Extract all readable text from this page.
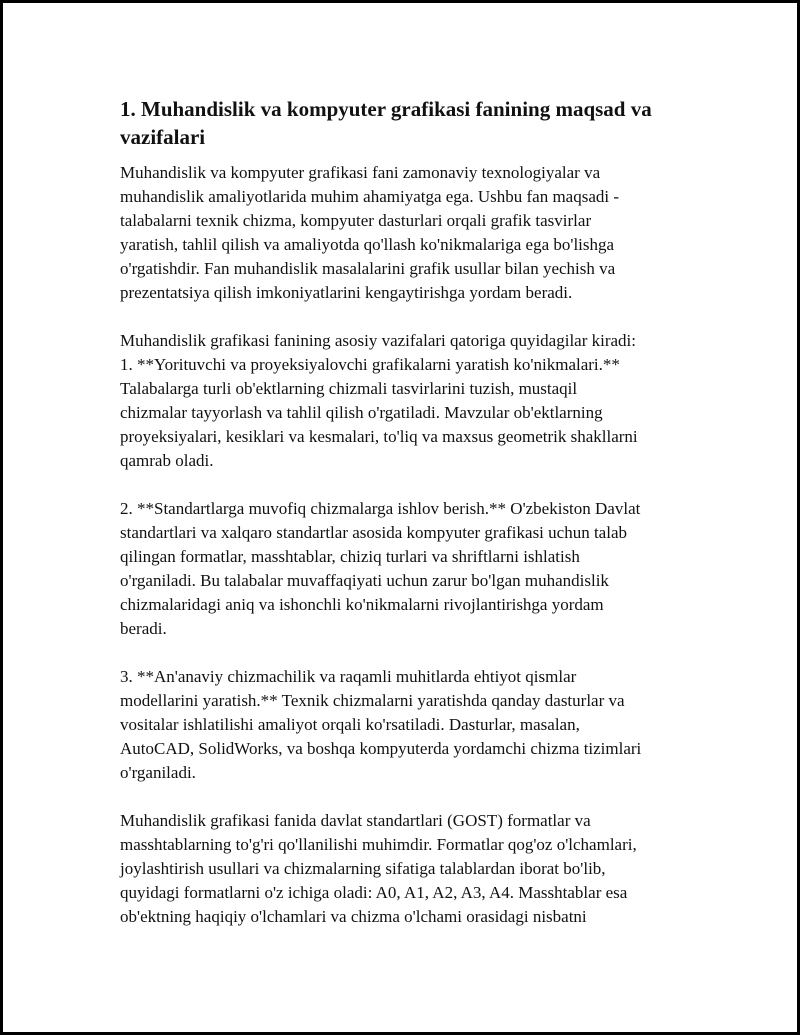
1. Muhandislik va kompyuter grafikasi fanining maqsad va vazifalari

Muhandislik va kompyuter grafikasi fani zamonaviy texnologiyalar va
muhandislik amaliyotlarida muhim ahamiyatga ega. Ushbu fan maqsadi -
talabalarni texnik chizma, kompyuter dasturlari orqali grafik tasvirlar
yaratish, tahlil qilish va amaliyotda qo'llash ko'nikmalariga ega bo'lishga
o'rgatishdir. Fan muhandislik masalalarini grafik usullar bilan yechish va
prezentatsiya qilish imkoniyatlarini kengaytirishga yordam beradi.

Muhandislik grafikasi fanining asosiy vazifalari qatoriga quyidagilar kiradi:
1. **Yorituvchi va proyeksiyalovchi grafikalarni yaratish ko'nikmalari.**
Talabalarga turli ob'ektlarning chizmali tasvirlarini tuzish, mustaqil
chizmalar tayyorlash va tahlil qilish o'rgatiladi. Mavzular ob'ektlarning
proyeksiyalari, kesiklari va kesmalari, to'liq va maxsus geometrik shakllarni
qamrab oladi.

2. **Standartlarga muvofiq chizmalarga ishlov berish.** O'zbekiston Davlat
standartlari va xalqaro standartlar asosida kompyuter grafikasi uchun talab
qilingan formatlar, masshtablar, chiziq turlari va shriftlarni ishlatish
o'rganiladi. Bu talabalar muvaffaqiyati uchun zarur bo'lgan muhandislik
chizmalaridagi aniq va ishonchli ko'nikmalarni rivojlantirishga yordam
beradi.

3. **An'anaviy chizmachilik va raqamli muhitlarda ehtiyot qismlar
modellarini yaratish.** Texnik chizmalarni yaratishda qanday dasturlar va
vositalar ishlatilishi amaliyot orqali ko'rsatiladi. Dasturlar, masalan,
AutoCAD, SolidWorks, va boshqa kompyuterda yordamchi chizma tizimlari
o'rganiladi.

Muhandislik grafikasi fanida davlat standartlari (GOST) formatlar va
masshtablarning to'g'ri qo'llanilishi muhimdir. Formatlar qog'oz o'lchamlari,
joylashtirish usullari va chizmalarning sifatiga talablardan iborat bo'lib,
quyidagi formatlarni o'z ichiga oladi: A0, A1, A2, A3, A4. Masshtablar esa
ob'ektning haqiqiy o'lchamlari va chizma o'lchami orasidagi nisbatni
